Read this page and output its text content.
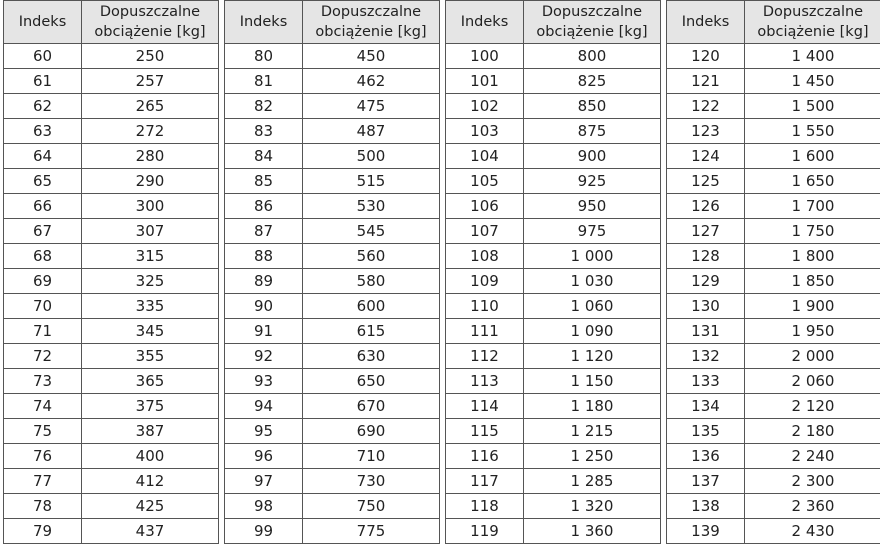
Indeks	Dopuszczalne
obciążenie [kg]
60	250
61	257
62	265
63	272
64	280
65	290
66	300
67	307
68	315
69	325
70	335
71	345
72	355
73	365
74	375
75	387
76	400
77	412
78	425
79	437
Indeks	Dopuszczalne
obciążenie [kg]
80	450
81	462
82	475
83	487
84	500
85	515
86	530
87	545
88	560
89	580
90	600
91	615
92	630
93	650
94	670
95	690
96	710
97	730
98	750
99	775
Indeks	Dopuszczalne
obciążenie [kg]
100	800
101	825
102	850
103	875
104	900
105	925
106	950
107	975
108	1 000
109	1 030
110	1 060
111	1 090
112	1 120
113	1 150
114	1 180
115	1 215
116	1 250
117	1 285
118	1 320
119	1 360
Indeks	Dopuszczalne
obciążenie [kg]
120	1 400
121	1 450
122	1 500
123	1 550
124	1 600
125	1 650
126	1 700
127	1 750
128	1 800
129	1 850
130	1 900
131	1 950
132	2 000
133	2 060
134	2 120
135	2 180
136	2 240
137	2 300
138	2 360
139	2 430
